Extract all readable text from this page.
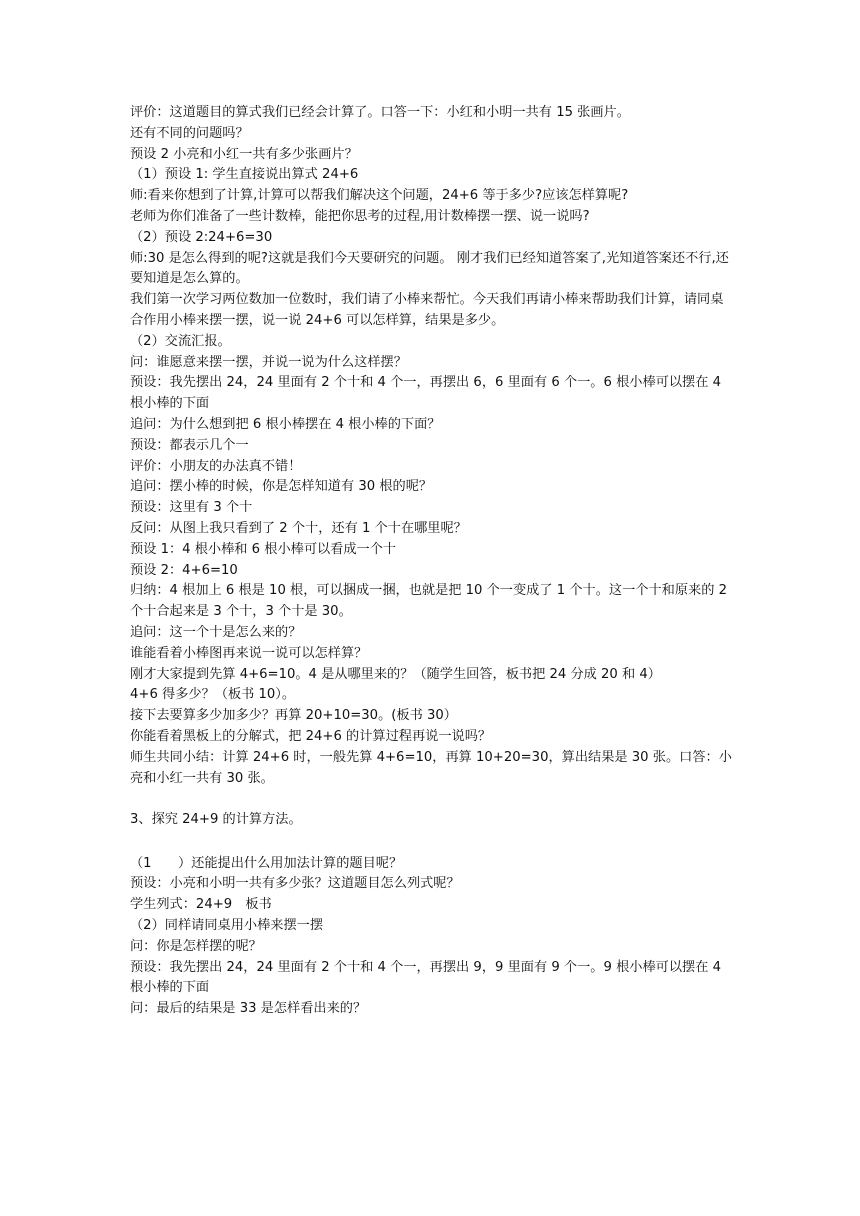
评价：这道题目的算式我们已经会计算了。口答一下：小红和小明一共有 15 张画片。
还有不同的问题吗？
预设 2 小亮和小红一共有多少张画片？
（1）预设 1: 学生直接说出算式 24+6
师:看来你想到了计算,计算可以帮我们解决这个问题，24+6 等于多少?应该怎样算呢?
老师为你们准备了一些计数棒，能把你思考的过程,用计数棒摆一摆、说一说吗?
（2）预设 2:24+6=30
师:30 是怎么得到的呢?这就是我们今天要研究的问题。 刚才我们已经知道答案了,光知道答案还不行,还要知道是怎么算的。
我们第一次学习两位数加一位数时，我们请了小棒来帮忙。今天我们再请小棒来帮助我们计算，请同桌合作用小棒来摆一摆，说一说 24+6 可以怎样算，结果是多少。
（2）交流汇报。
问：谁愿意来摆一摆，并说一说为什么这样摆？
预设：我先摆出 24，24 里面有 2 个十和 4 个一，再摆出 6，6 里面有 6 个一。6 根小棒可以摆在 4 根小棒的下面
追问：为什么想到把 6 根小棒摆在 4 根小棒的下面？
预设：都表示几个一
评价：小朋友的办法真不错！
追问：摆小棒的时候，你是怎样知道有 30 根的呢？
预设：这里有 3 个十
反问：从图上我只看到了 2 个十，还有 1 个十在哪里呢？
预设 1：4 根小棒和 6 根小棒可以看成一个十
预设 2：4+6=10
归纳：4 根加上 6 根是 10 根，可以捆成一捆，也就是把 10 个一变成了 1 个十。这一个十和原来的 2 个十合起来是 3 个十，3 个十是 30。
追问：这一个十是怎么来的？
谁能看着小棒图再来说一说可以怎样算？
刚才大家提到先算 4+6=10。4 是从哪里来的？（随学生回答，板书把 24 分成 20 和 4）
4+6 得多少？（板书 10）。
接下去要算多少加多少？再算 20+10=30。(板书 30）
你能看着黑板上的分解式，把 24+6 的计算过程再说一说吗？
师生共同小结：计算 24+6 时，一般先算 4+6=10，再算 10+20=30，算出结果是 30 张。口答：小亮和小红一共有 30 张。
3、探究 24+9 的计算方法。
（1　　）还能提出什么用加法计算的题目呢？
预设：小亮和小明一共有多少张？这道题目怎么列式呢？
学生列式：24+9　板书
（2）同样请同桌用小棒来摆一摆
问：你是怎样摆的呢？
预设：我先摆出 24，24 里面有 2 个十和 4 个一，再摆出 9，9 里面有 9 个一。9 根小棒可以摆在 4 根小棒的下面
问：最后的结果是 33 是怎样看出来的？
